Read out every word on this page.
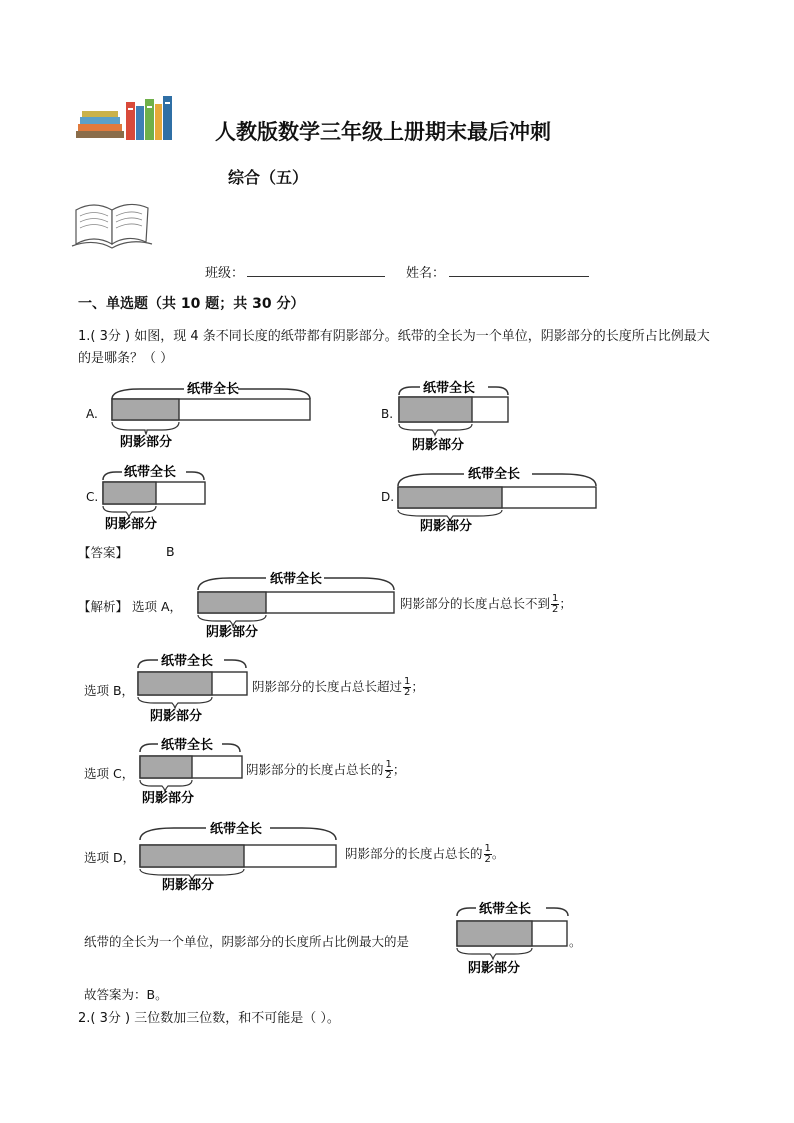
人教版数学三年级上册期末最后冲刺
综合（五）
班级：	姓名：
一、单选题（共 10 题；共 30 分）
1.( 3分 ) 如图，现 4 条不同长度的纸带都有阴影部分。纸带的全长为一个单位，阴影部分的长度所占比例最大的是哪条？（ ）
A.	B.
C.	D.
纸带全长
阴影部分
纸带全长
阴影部分
纸带全长
阴影部分
纸带全长
阴影部分
【答案】	B
【解析】 选项 A，
纸带全长
阴影部分
阴影部分的长度占总长不到 $\frac{1}{2}$ ；
选项 B，
纸带全长
阴影部分
阴影部分的长度占总长超过 $\frac{1}{2}$ ；
选项 C，
纸带全长
阴影部分
阴影部分的长度占总长的 $\frac{1}{2}$ ；
选项 D，
纸带全长
阴影部分
阴影部分的长度占总长的 $\frac{1}{2}$ 。
纸带的全长为一个单位，阴影部分的长度所占比例最大的是
纸带全长
阴影部分
。
故答案为：B。
2.( 3分 ) 三位数加三位数，和不可能是（ ）。
